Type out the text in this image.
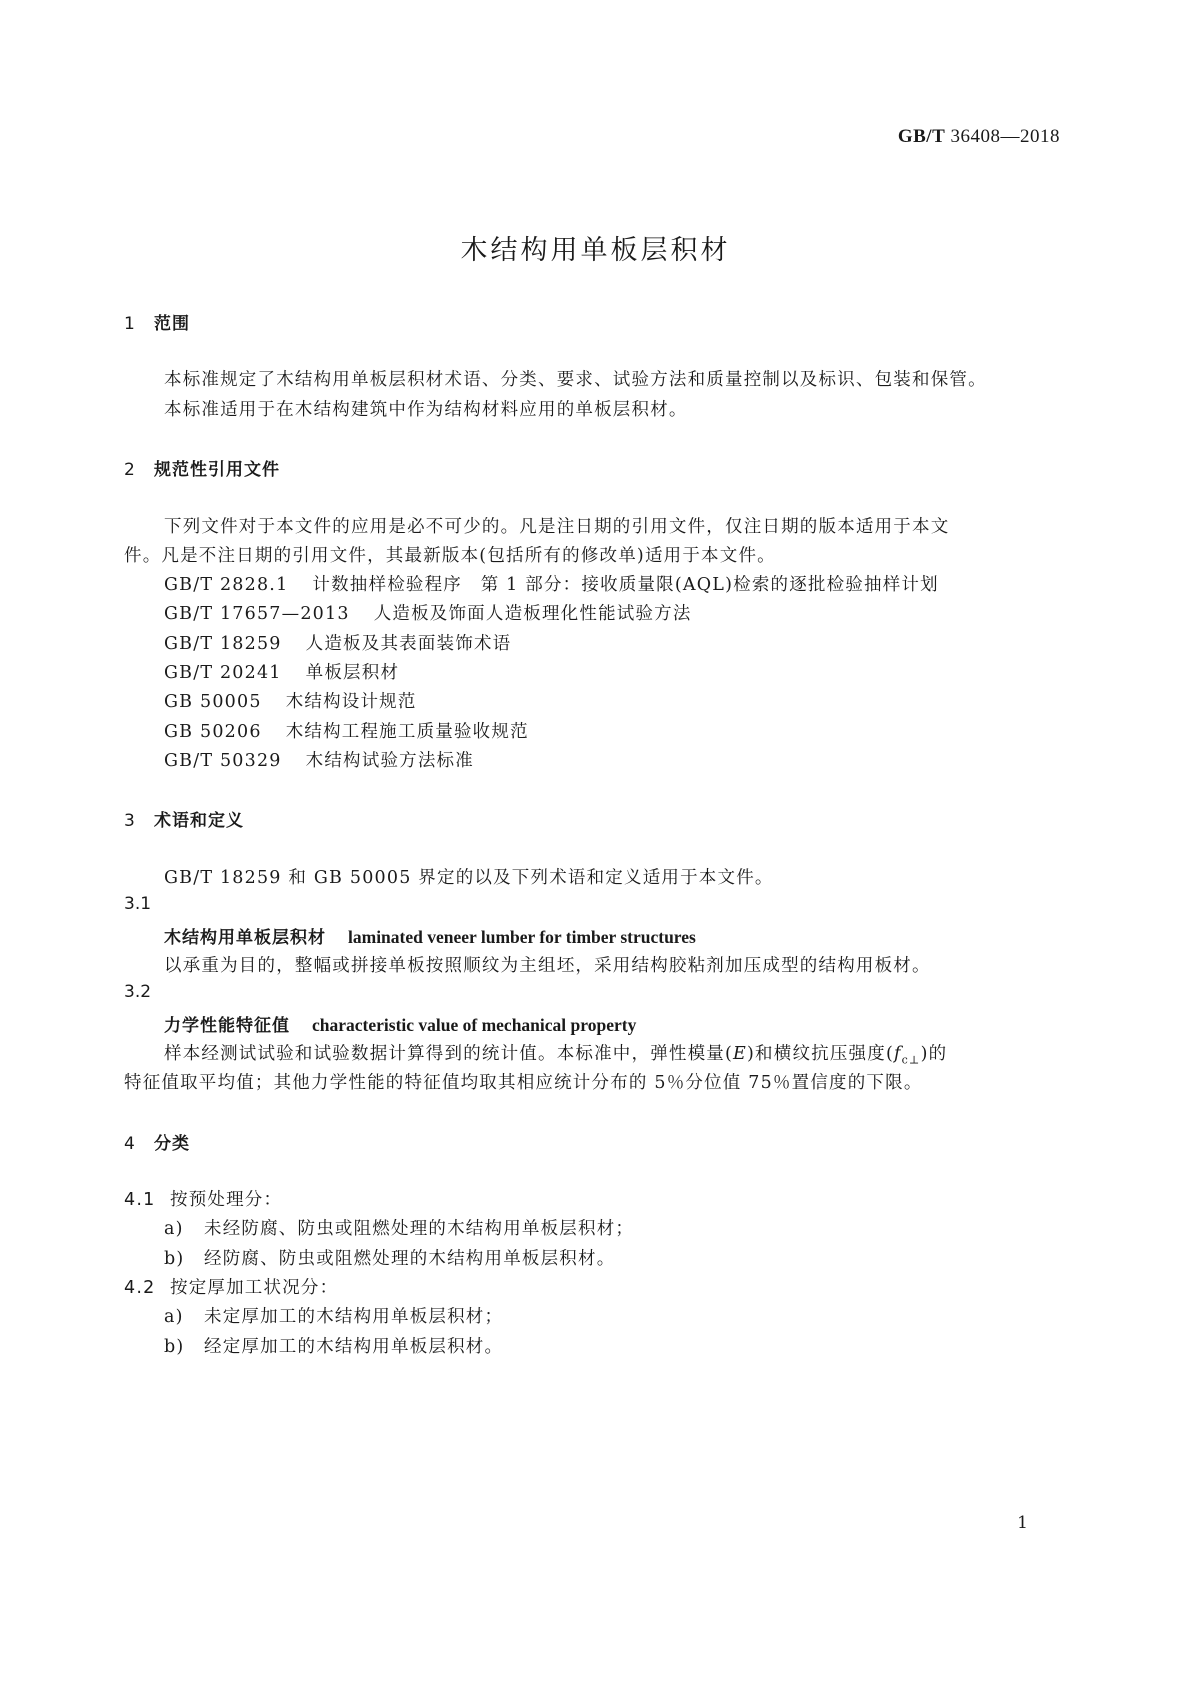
GB/T 36408—2018
木结构用单板层积材
1 范围
本标准规定了木结构用单板层积材术语、分类、要求、试验方法和质量控制以及标识、包装和保管。
本标准适用于在木结构建筑中作为结构材料应用的单板层积材。
2 规范性引用文件
下列文件对于本文件的应用是必不可少的。凡是注日期的引用文件，仅注日期的版本适用于本文
件。凡是不注日期的引用文件，其最新版本(包括所有的修改单)适用于本文件。
GB/T 2828.1 计数抽样检验程序　第 1 部分：接收质量限(AQL)检索的逐批检验抽样计划
GB/T 17657—2013 人造板及饰面人造板理化性能试验方法
GB/T 18259 人造板及其表面装饰术语
GB/T 20241 单板层积材
GB 50005 木结构设计规范
GB 50206 木结构工程施工质量验收规范
GB/T 50329 木结构试验方法标准
3 术语和定义
GB/T 18259 和 GB 50005 界定的以及下列术语和定义适用于本文件。
3.1
木结构用单板层积材 laminated veneer lumber for timber structures
以承重为目的，整幅或拼接单板按照顺纹为主组坯，采用结构胶粘剂加压成型的结构用板材。
3.2
力学性能特征值 characteristic value of mechanical property
样本经测试试验和试验数据计算得到的统计值。本标准中，弹性模量(E)和横纹抗压强度$(f_{c\perp})$的
特征值取平均值；其他力学性能的特征值均取其相应统计分布的 5％分位值 75％置信度的下限。
4 分类
4.1 按预处理分：
a) 未经防腐、防虫或阻燃处理的木结构用单板层积材；
b) 经防腐、防虫或阻燃处理的木结构用单板层积材。
4.2 按定厚加工状况分：
a) 未定厚加工的木结构用单板层积材；
b) 经定厚加工的木结构用单板层积材。
1
